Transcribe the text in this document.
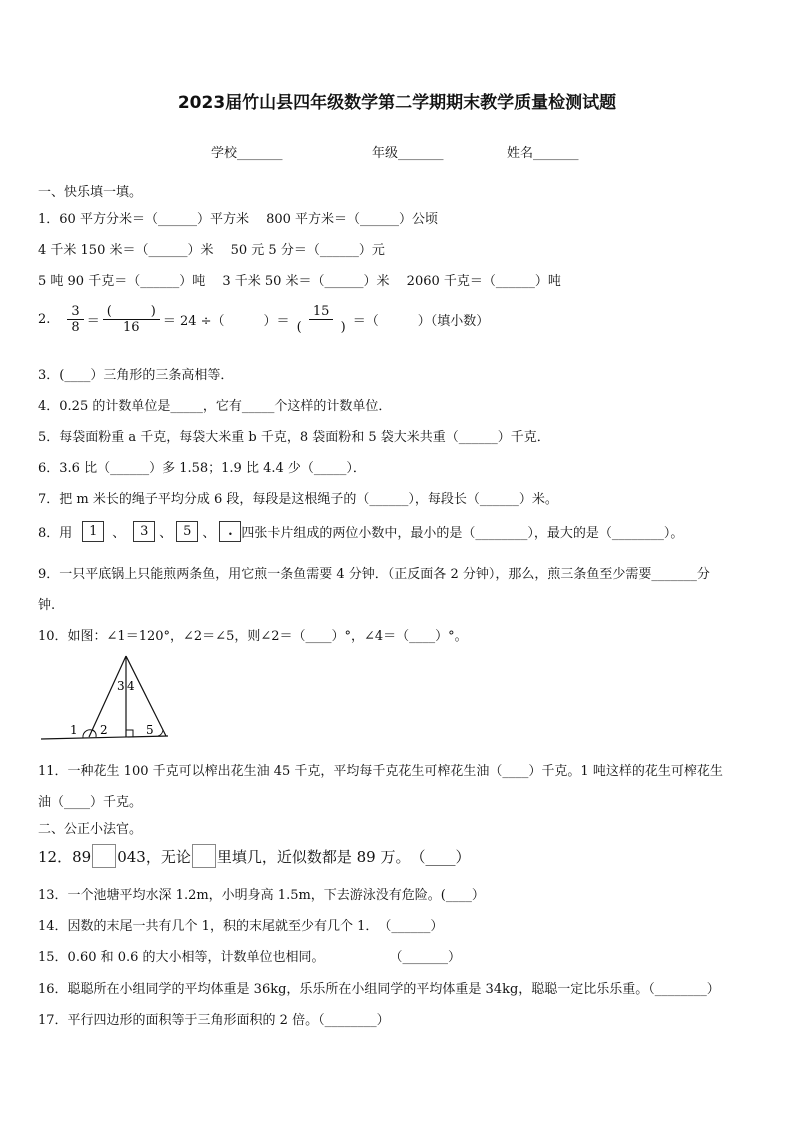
2023届竹山县四年级数学第二学期期末教学质量检测试题
学校_______	年级_______	姓名_______
一、快乐填一填。
1．60 平方分米＝（______）平方米　 800 平方米＝（______）公顷
4 千米 150 米＝（______）米　 50 元 5 分＝（______）元
5 吨 90 千克＝（______）吨　 3 千米 50 米＝（______）米　 2060 千克＝（______）吨
2. $\frac{3}{8} = \frac{( )}{16} = 24$ ÷（　　　）＝ $\frac{15}{( )}$ ＝（　　　）（填小数）
3．(____）三角形的三条高相等．
4．0.25 的计数单位是_____，它有_____个这样的计数单位．
5．每袋面粉重 a 千克，每袋大米重 b 千克，8 袋面粉和 5 袋大米共重（______）千克．
6．3.6 比（______）多 1.58；1.9 比 4.4 少（_____）．
7．把 m 米长的绳子平均分成 6 段，每段是这根绳子的（______），每段长（______）米。
8．用	1	、	3 、 5 、 . 四张卡片组成的两位小数中，最小的是（________），最大的是（________）。
9．一只平底锅上只能煎两条鱼，用它煎一条鱼需要 4 分钟．（正反面各 2 分钟），那么，煎三条鱼至少需要_______分
钟.
10．如图：∠1＝120°，∠2＝∠5，则∠2＝（____）°，∠4＝（____）°。
1 2
3 4
5
11．一种花生 100 千克可以榨出花生油 45 千克，平均每千克花生可榨花生油（____）千克。1 吨这样的花生可榨花生
油（____）千克。
二、公正小法官。
12．89 043，无论 里填几，近似数都是 89 万。　（____）
13．一个池塘平均水深 1.2m，小明身高 1.5m，下去游泳没有危险。(____）
14．因数的末尾一共有几个 1，积的末尾就至少有几个 1．　（______）
15．0.60 和 0.6 的大小相等，计数单位也相同。　　　　　　（_______）
16．聪聪所在小组同学的平均体重是 36kg，乐乐所在小组同学的平均体重是 34kg，聪聪一定比乐乐重。（________）
17．平行四边形的面积等于三角形面积的 2 倍。（________）
